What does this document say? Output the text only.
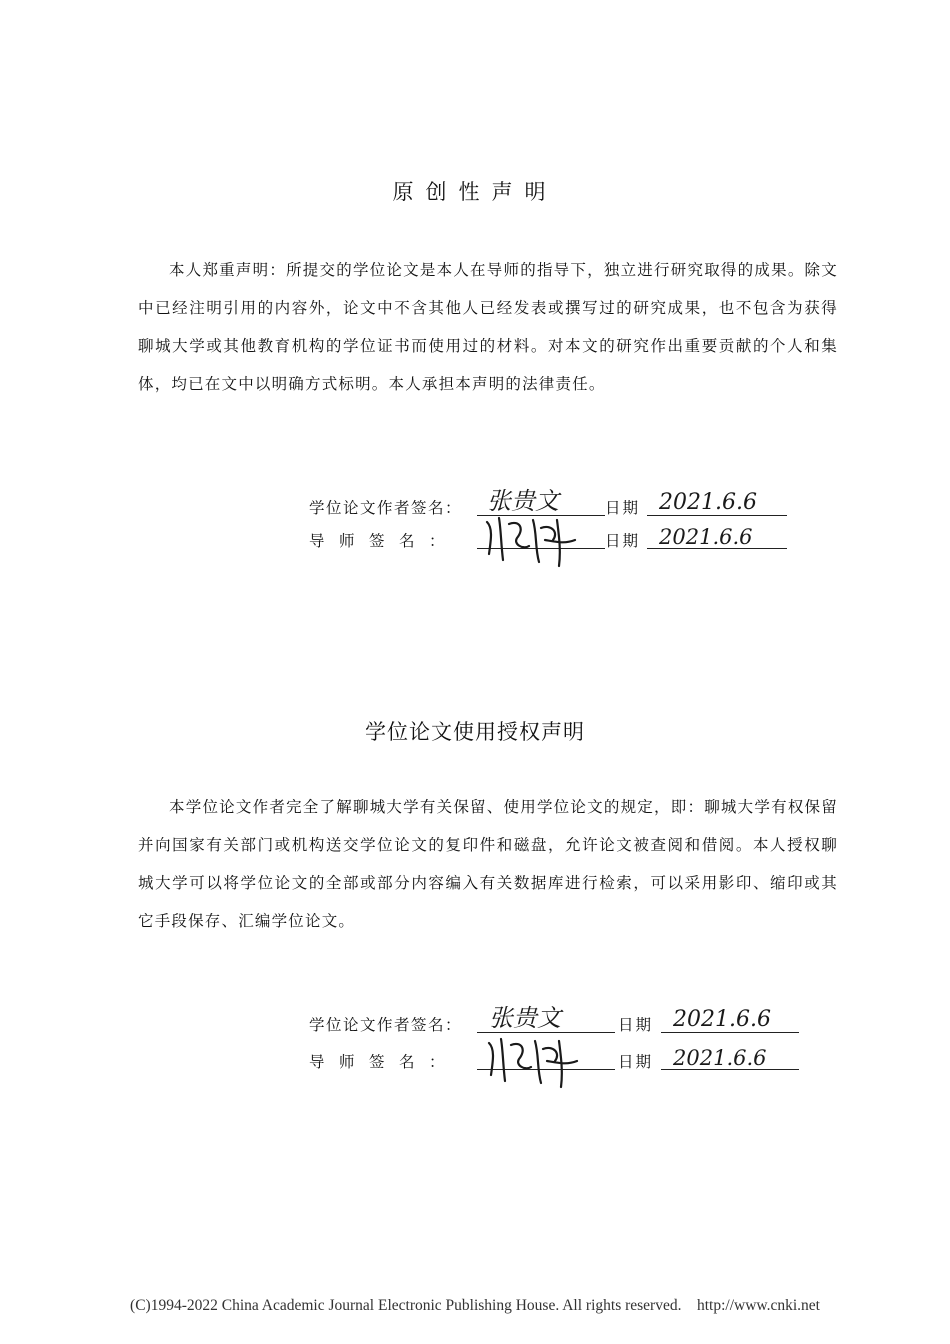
原创性声明

本人郑重声明：所提交的学位论文是本人在导师的指导下，独立进行研究取得的成果。除文中已经注明引用的内容外，论文中不含其他人已经发表或撰写过的研究成果，也不包含为获得聊城大学或其他教育机构的学位证书而使用过的材料。对本文的研究作出重要贡献的个人和集体，均已在文中以明确方式标明。本人承担本声明的法律责任。

学位论文作者签名： 张贵文	日期 2021.6.6
导师签名：	日期 2021.6.6
学位论文使用授权声明

本学位论文作者完全了解聊城大学有关保留、使用学位论文的规定，即：聊城大学有权保留并向国家有关部门或机构送交学位论文的复印件和磁盘，允许论文被查阅和借阅。本人授权聊城大学可以将学位论文的全部或部分内容编入有关数据库进行检索，可以采用影印、缩印或其它手段保存、汇编学位论文。

学位论文作者签名： 张贵文	日期 2021.6.6
导师签名：	日期 2021.6.6
(C)1994-2022 China Academic Journal Electronic Publishing House. All rights reserved. http://www.cnki.net
